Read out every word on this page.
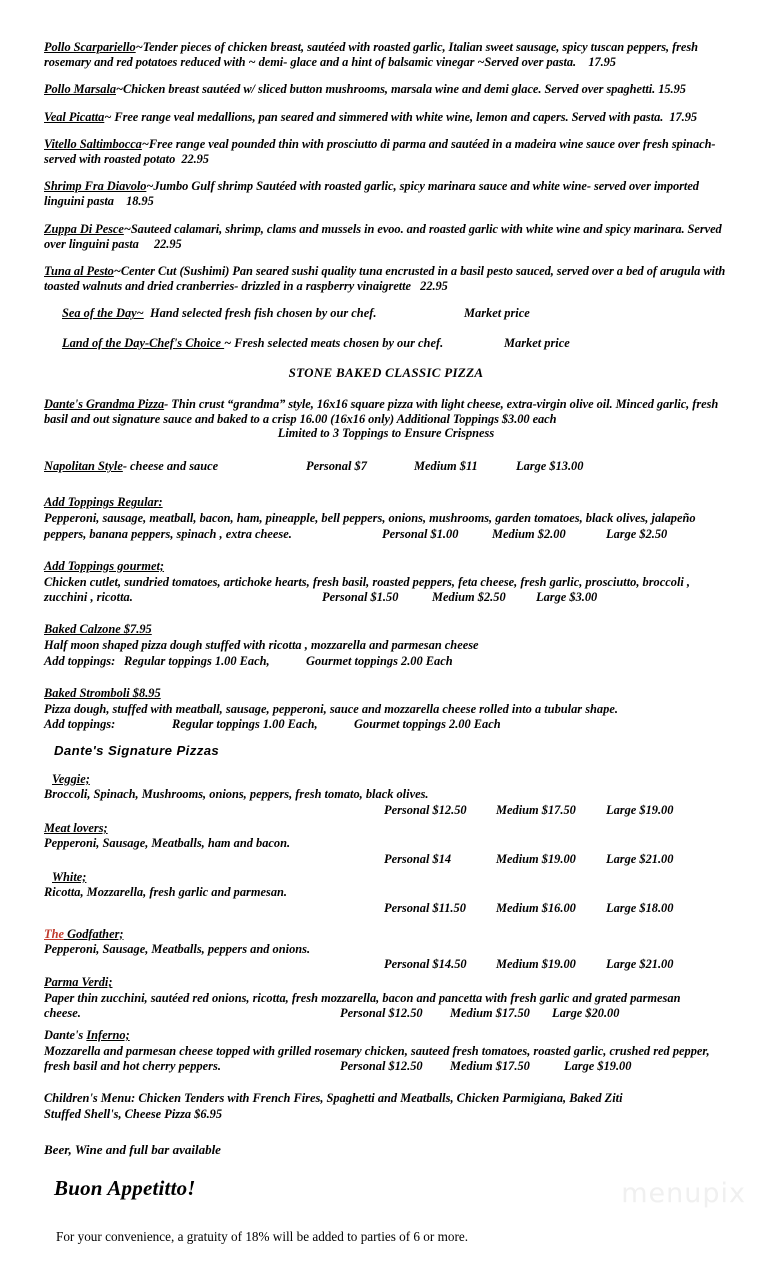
Pollo Scarpariello~Tender pieces of chicken breast, sautéed with roasted garlic, Italian sweet sausage, spicy tuscan peppers, fresh rosemary and red potatoes reduced with ~ demi- glace and a hint of balsamic vinegar ~Served over pasta. 17.95

Pollo Marsala~Chicken breast sautéed w/ sliced button mushrooms, marsala wine and demi glace. Served over spaghetti. 15.95

Veal Picatta~ Free range veal medallions, pan seared and simmered with white wine, lemon and capers. Served with pasta. 17.95

Vitello Saltimbocca~Free range veal pounded thin with prosciutto di parma and sautéed in a madeira wine sauce over fresh spinach- served with roasted potato 22.95

Shrimp Fra Diavolo~Jumbo Gulf shrimp Sautéed with roasted garlic, spicy marinara sauce and white wine- served over imported linguini pasta 18.95

Zuppa Di Pesce~Sauteed calamari, shrimp, clams and mussels in evoo. and roasted garlic with white wine and spicy marinara. Served over linguini pasta 22.95

Tuna al Pesto~Center Cut (Sushimi) Pan seared sushi quality tuna encrusted in a basil pesto sauced, served over a bed of arugula with toasted walnuts and dried cranberries- drizzled in a raspberry vinaigrette 22.95

Sea of the Day~ Hand selected fresh fish chosen by our chef.	Market price

Land of the Day-Chef's Choice ~ Fresh selected meats chosen by our chef.	Market price

STONE BAKED CLASSIC PIZZA

Dante's Grandma Pizza- Thin crust “grandma” style, 16x16 square pizza with light cheese, extra-virgin olive oil. Minced garlic, fresh basil and out signature sauce and baked to a crisp 16.00 (16x16 only) Additional Toppings $3.00 each

Limited to 3 Toppings to Ensure Crispness

Napolitan Style- cheese and sauce	Personal $7	Medium $11	Large $13.00
Add Toppings Regular:
Pepperoni, sausage, meatball, bacon, ham, pineapple, bell peppers, onions, mushrooms, garden tomatoes, black olives, jalapeño
peppers, banana peppers, spinach , extra cheese.	Personal $1.00	Medium $2.00	Large $2.50
Add Toppings gourmet;
Chicken cutlet, sundried tomatoes, artichoke hearts, fresh basil, roasted peppers, feta cheese, fresh garlic, prosciutto, broccoli ,
zucchini , ricotta.	Personal $1.50	Medium $2.50 Large $3.00
Baked Calzone $7.95
Half moon shaped pizza dough stuffed with ricotta , mozzarella and parmesan cheese
Add toppings: Regular toppings 1.00 Each,	Gourmet toppings 2.00 Each
Baked Stromboli $8.95
Pizza dough, stuffed with meatball, sausage, pepperoni, sauce and mozzarella cheese rolled into a tubular shape.
Add toppings:	Regular toppings 1.00 Each,	Gourmet toppings 2.00 Each
Dante's Signature Pizzas
Veggie;
Broccoli, Spinach, Mushrooms, onions, peppers, fresh tomato, black olives.
Personal $12.50 Medium $17.50 Large $19.00
Meat lovers;
Pepperoni, Sausage, Meatballs, ham and bacon.
Personal $14	Medium $19.00 Large $21.00
White;
Ricotta, Mozzarella, fresh garlic and parmesan.
Personal $11.50 Medium $16.00 Large $18.00
The Godfather;
Pepperoni, Sausage, Meatballs, peppers and onions.
Personal $14.50 Medium $19.00 Large $21.00
Parma Verdi;
Paper thin zucchini, sautéed red onions, ricotta, fresh mozzarella, bacon and pancetta with fresh garlic and grated parmesan
cheese.	Personal $12.50 Medium $17.50 Large $20.00
Dante's Inferno;
Mozzarella and parmesan cheese topped with grilled rosemary chicken, sauteed fresh tomatoes, roasted garlic, crushed red pepper,
fresh basil and hot cherry peppers.	Personal $12.50 Medium $17.50	Large $19.00
Children's Menu: Chicken Tenders with French Fires, Spaghetti and Meatballs, Chicken Parmigiana, Baked Ziti
Stuffed Shell's, Cheese Pizza $6.95

Beer, Wine and full bar available

Buon Appetitto!

For your convenience, a gratuity of 18% will be added to parties of 6 or more.

menupix
